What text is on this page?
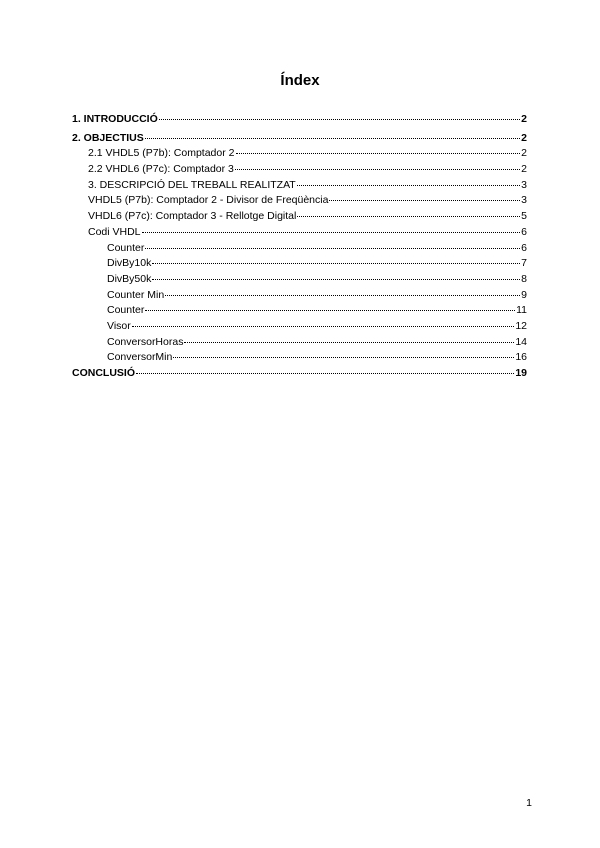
Índex
1. INTRODUCCIÓ	2
2. OBJECTIUS	2
2.1 VHDL5 (P7b): Comptador 2	2
2.2 VHDL6 (P7c): Comptador 3	2
3. DESCRIPCIÓ DEL TREBALL REALITZAT	3
VHDL5 (P7b): Comptador 2 - Divisor de Freqüència	3
VHDL6 (P7c): Comptador 3 - Rellotge Digital	5
Codi VHDL	6
Counter	6
DivBy10k	7
DivBy50k	8
Counter Min	9
Counter	11
Visor	12
ConversorHoras	14
ConversorMin	16
CONCLUSIÓ	19
1
